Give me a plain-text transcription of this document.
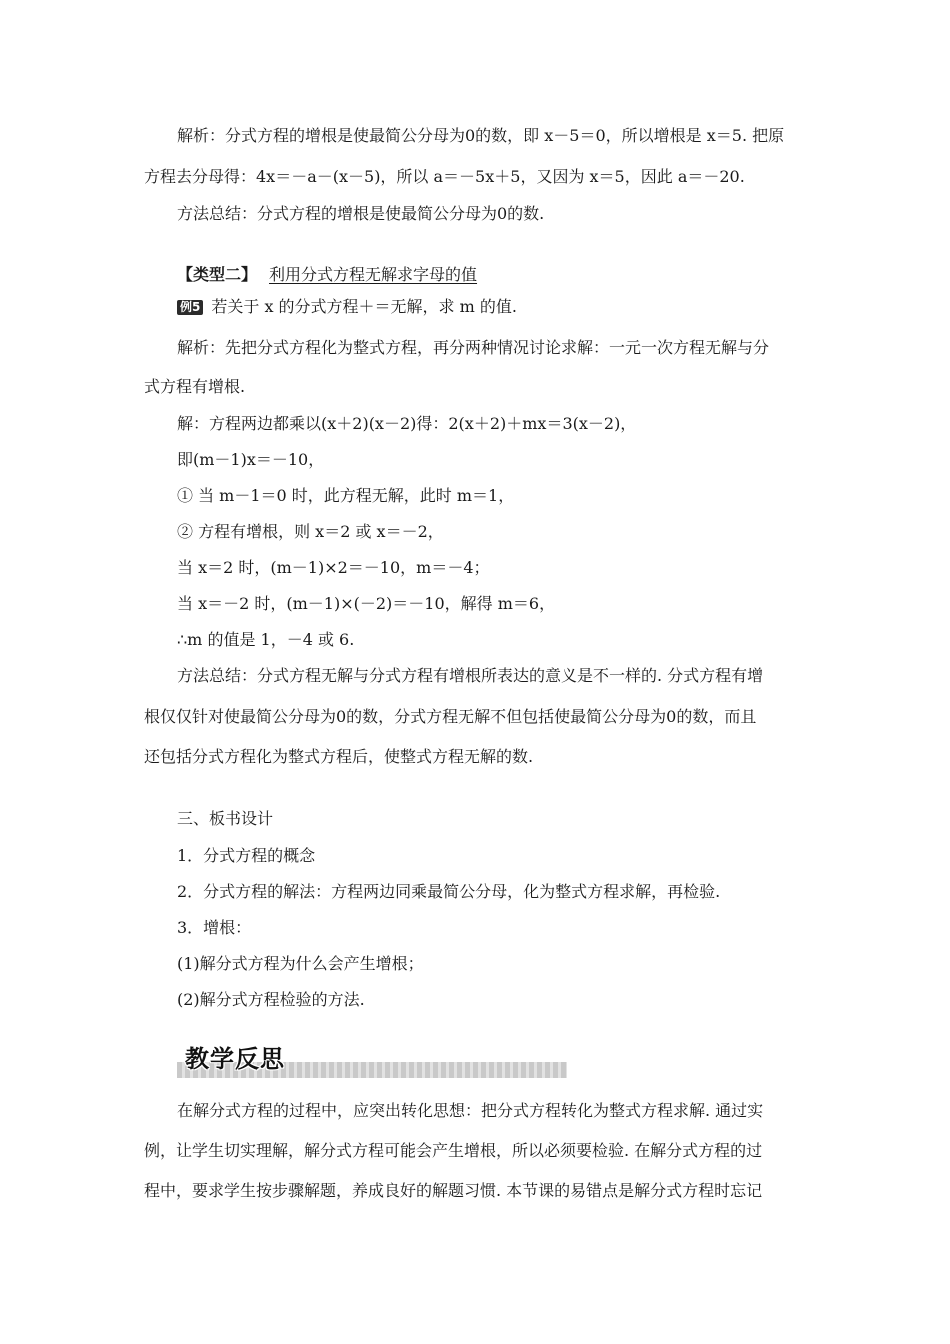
解析：分式方程的增根是使最简公分母为0的数，即 x－5＝0，所以增根是 x＝5. 把原
方程去分母得：4x＝－a－(x－5)，所以 a＝－5x＋5，又因为 x＝5，因此 a＝－20.
方法总结：分式方程的增根是使最简公分母为0的数.
【类型二】 利用分式方程无解求字母的值
例5 若关于 x 的分式方程＋＝无解，求 m 的值.
解析：先把分式方程化为整式方程，再分两种情况讨论求解：一元一次方程无解与分
式方程有增根.
解：方程两边都乘以(x＋2)(x－2)得：2(x＋2)＋mx＝3(x－2)，
即(m－1)x＝－10，
① 当 m－1＝0 时，此方程无解，此时 m＝1，
② 方程有增根，则 x＝2 或 x＝－2，
当 x＝2 时，(m－1)×2＝－10，m＝－4；
当 x＝－2 时，(m－1)×(－2)＝－10，解得 m＝6，
∴m 的值是 1，－4 或 6.
方法总结：分式方程无解与分式方程有增根所表达的意义是不一样的. 分式方程有增
根仅仅针对使最简公分母为0的数，分式方程无解不但包括使最简公分母为0的数，而且
还包括分式方程化为整式方程后，使整式方程无解的数.
三、板书设计
1．分式方程的概念
2．分式方程的解法：方程两边同乘最简公分母，化为整式方程求解，再检验.
3．增根：
(1)解分式方程为什么会产生增根；
(2)解分式方程检验的方法.
教学反思
在解分式方程的过程中，应突出转化思想：把分式方程转化为整式方程求解. 通过实
例，让学生切实理解，解分式方程可能会产生增根，所以必须要检验. 在解分式方程的过
程中，要求学生按步骤解题，养成良好的解题习惯. 本节课的易错点是解分式方程时忘记
